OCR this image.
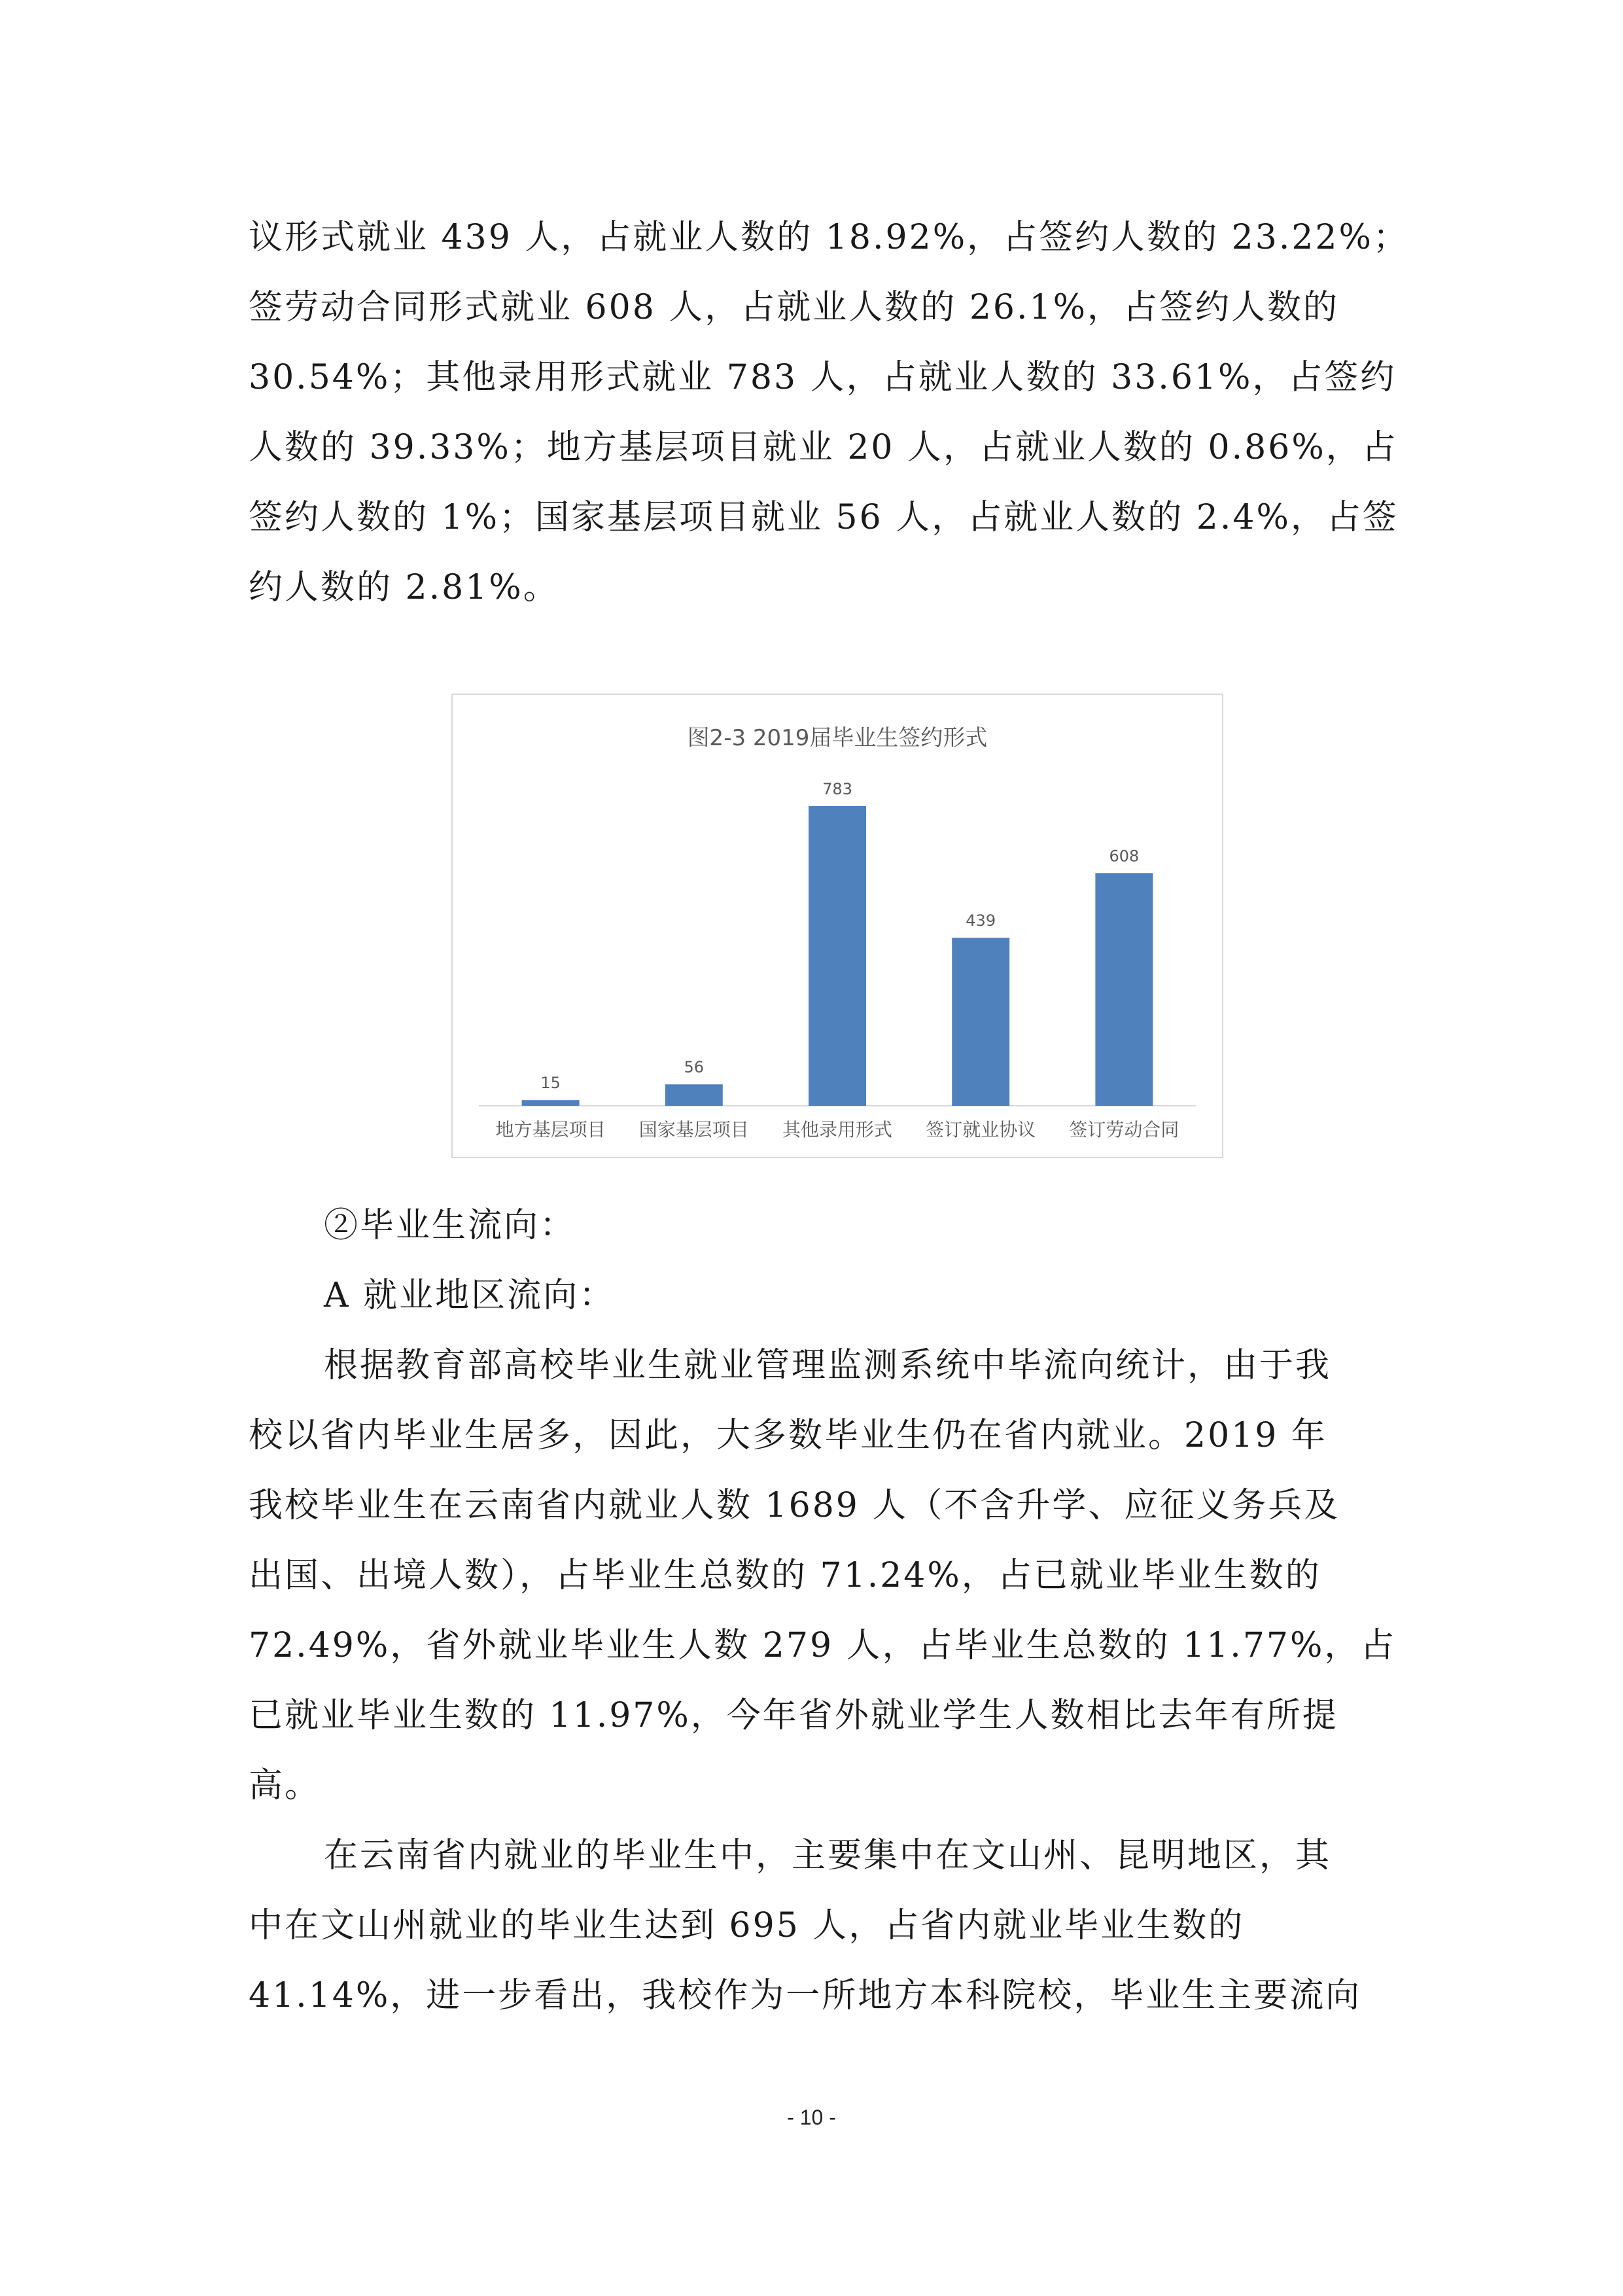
议形式就业 439 人，占就业人数的 18.92%，占签约人数的 23.22%；
签劳动合同形式就业 608 人，占就业人数的 26.1%，占签约人数的
30.54%；其他录用形式就业 783 人，占就业人数的 33.61%，占签约
人数的 39.33%；地方基层项目就业 20 人，占就业人数的 0.86%，占
签约人数的 1%；国家基层项目就业 56 人，占就业人数的 2.4%，占签
约人数的 2.81%。

图2-3 2019届毕业生签约形式
15
地方基层项目
56
国家基层项目
783
其他录用形式
439
签订就业协议
608
签订劳动合同
②毕业生流向：
A 就业地区流向：
根据教育部高校毕业生就业管理监测系统中毕流向统计，由于我
校以省内毕业生居多，因此，大多数毕业生仍在省内就业。2019 年
我校毕业生在云南省内就业人数 1689 人（不含升学、应征义务兵及
出国、出境人数），占毕业生总数的 71.24%，占已就业毕业生数的
72.49%，省外就业毕业生人数 279 人，占毕业生总数的 11.77%，占
已就业毕业生数的 11.97%，今年省外就业学生人数相比去年有所提
高。
在云南省内就业的毕业生中，主要集中在文山州、昆明地区，其
中在文山州就业的毕业生达到 695 人，占省内就业毕业生数的
41.14%，进一步看出，我校作为一所地方本科院校，毕业生主要流向
- 10 -
